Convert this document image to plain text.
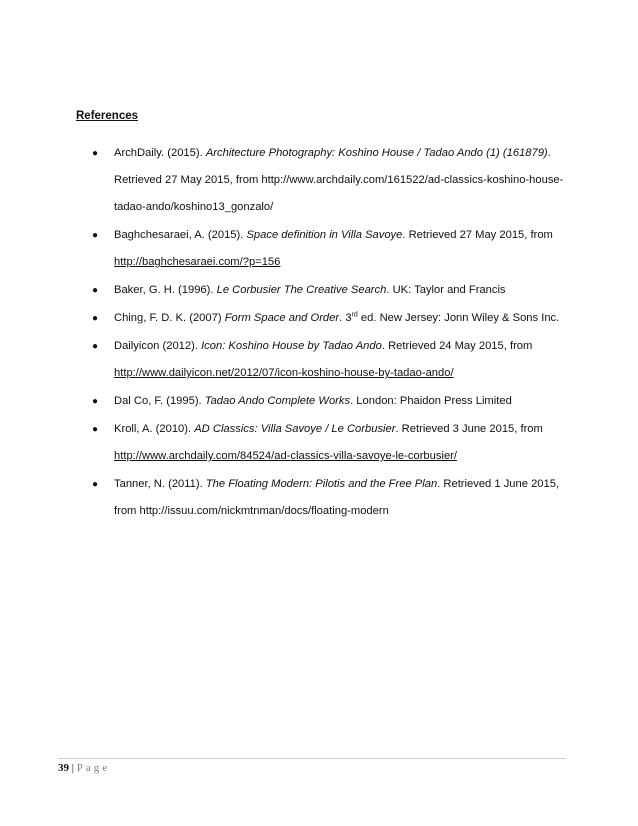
References
● ArchDaily. (2015). Architecture Photography: Koshino House / Tadao Ando (1) (161879). Retrieved 27 May 2015, from http://www.archdaily.com/161522/ad-classics-koshino-house-tadao-ando/koshino13_gonzalo/
● Baghchesaraei, A. (2015). Space definition in Villa Savoye. Retrieved 27 May 2015, from http://baghchesaraei.com/?p=156
● Baker, G. H. (1996). Le Corbusier The Creative Search. UK: Taylor and Francis
● Ching, F. D. K. (2007) Form Space and Order. 3rd ed. New Jersey: Jonn Wiley & Sons Inc.
● Dailyicon (2012). Icon: Koshino House by Tadao Ando. Retrieved 24 May 2015, from http://www.dailyicon.net/2012/07/icon-koshino-house-by-tadao-ando/
● Dal Co, F. (1995). Tadao Ando Complete Works. London: Phaidon Press Limited
● Kroll, A. (2010). AD Classics: Villa Savoye / Le Corbusier. Retrieved 3 June 2015, from http://www.archdaily.com/84524/ad-classics-villa-savoye-le-corbusier/
● Tanner, N. (2011). The Floating Modern: Pilotis and the Free Plan. Retrieved 1 June 2015, from http://issuu.com/nickmtnman/docs/floating-modern
39 | Page
